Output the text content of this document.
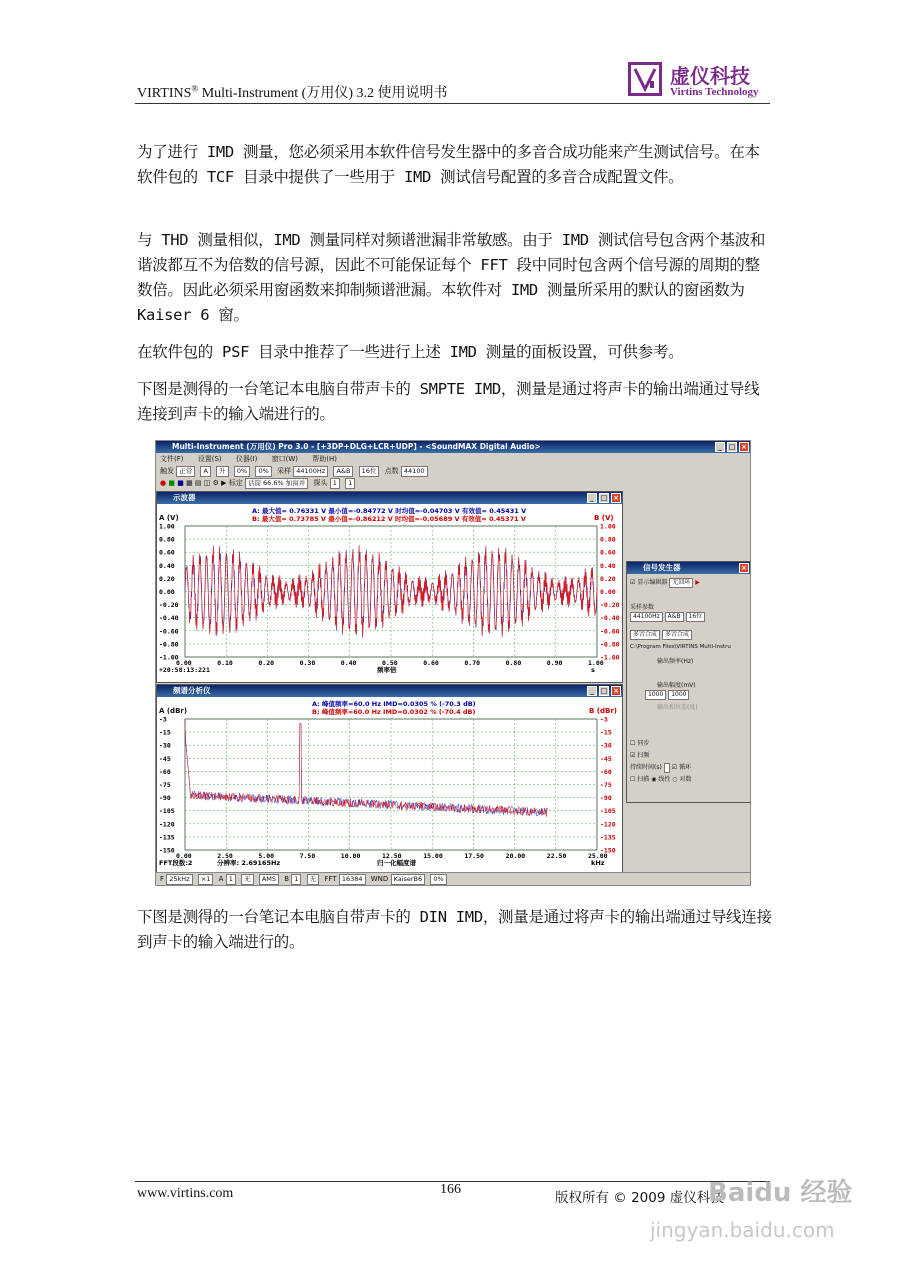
VIRTINS® Multi-Instrument (万用仪) 3.2 使用说明书
虚仪科技
Virtins Technology
为了进行 IMD 测量，您必须采用本软件信号发生器中的多音合成功能来产生测试信号。在本软件包的 TCF 目录中提供了一些用于 IMD 测试信号配置的多音合成配置文件。
与 THD 测量相似，IMD 测量同样对频谱泄漏非常敏感。由于 IMD 测试信号包含两个基波和谐波都互不为倍数的信号源，因此不可能保证每个 FFT 段中同时包含两个信号源的周期的整数倍。因此必须采用窗函数来抑制频谱泄漏。本软件对 IMD 测量所采用的默认的窗函数为 Kaiser 6 窗。
在软件包的 PSF 目录中推荐了一些进行上述 IMD 测量的面板设置，可供参考。
下图是测得的一台笔记本电脑自带声卡的 SMPTE IMD，测量是通过将声卡的输出端通过导线连接到声卡的输入端进行的。
Multi-Instrument (万用仪) Pro 3.0 - [+3DP+DLG+LCR+UDP] - <SoundMAX Digital Audio>	_ □ ×
文件(F) 设置(S) 仪器(I) 窗口(W) 帮助(H)
触发 正常 A 升 0% 0% 采样 44100Hz A&B 16位 点数 44100
● ■ ■ ▦ ▤ ◫ ⚙ ▶ 标定 话筒 66.6% 加窗并 探头 1 1
示波器	_ □ ×
A: 最大值= 0.76331 V 最小值=-0.84772 V 时均值=-0.04703 V 有效值= 0.45431 V
B: 最大值= 0.73785 V 最小值=-0.86212 V 时均值=-0.05689 V 有效值= 0.45371 V
A (V)	B (V)
1.00	1.00
0.80	0.80
0.60	0.60
0.40	0.40
0.20	0.20
0.00	0.00
-0.20	-0.20
-0.40	-0.40
-0.60	-0.60
-0.80	-0.80
-1.00	-1.00
0.00	0.10	0.20	0.30	0.40	0.50	0.60	0.70	0.80	0.90	1.00
频率倍	s
+20:58:13:221
频谱分析仪	_ □ ×
A: 峰值频率=60.0 Hz IMD=0.0305 % (-70.3 dB)
B: 峰值频率=60.0 Hz IMD=0.0302 % (-70.4 dB)
A (dBr)	B (dBr)
-3	-3
-15	-15
-30	-30
-45	-45
-60	-60
-75	-75
-90	-90
-105	-105
-120	-120
-135	-135
-150	-150
0.00	2.50	5.00	7.50	10.00	12.50	15.00	17.50	20.00	22.50	25.00
归一化幅度谱	kHz
FFT段数:2	分辨率: 2.69165Hz
信号发生器	×
☑ 显示编辑器 无回环 ▶
采样参数
44100Hz A&B 16位
多音合成 多音合成
C:\Program Files\VIRTINS Multi-Instru
输出频率(Hz)
输出幅度(mV)
1000 1000
输出相位差(度)
☐ 同步
☑ 扫频
持续时间(s)  ☑ 循环
☐ 扫描 ◉ 线性 ○ 对数
F 25kHz ×1 A 1 无 AMS B 1 无 FFT 16384 WND KaiserB6 0%
下图是测得的一台笔记本电脑自带声卡的 DIN IMD，测量是通过将声卡的输出端通过导线连接到声卡的输入端进行的。
www.virtins.com	166
版权所有 © 2009 虚仪科技
Baidu 经验
jingyan.baidu.com
